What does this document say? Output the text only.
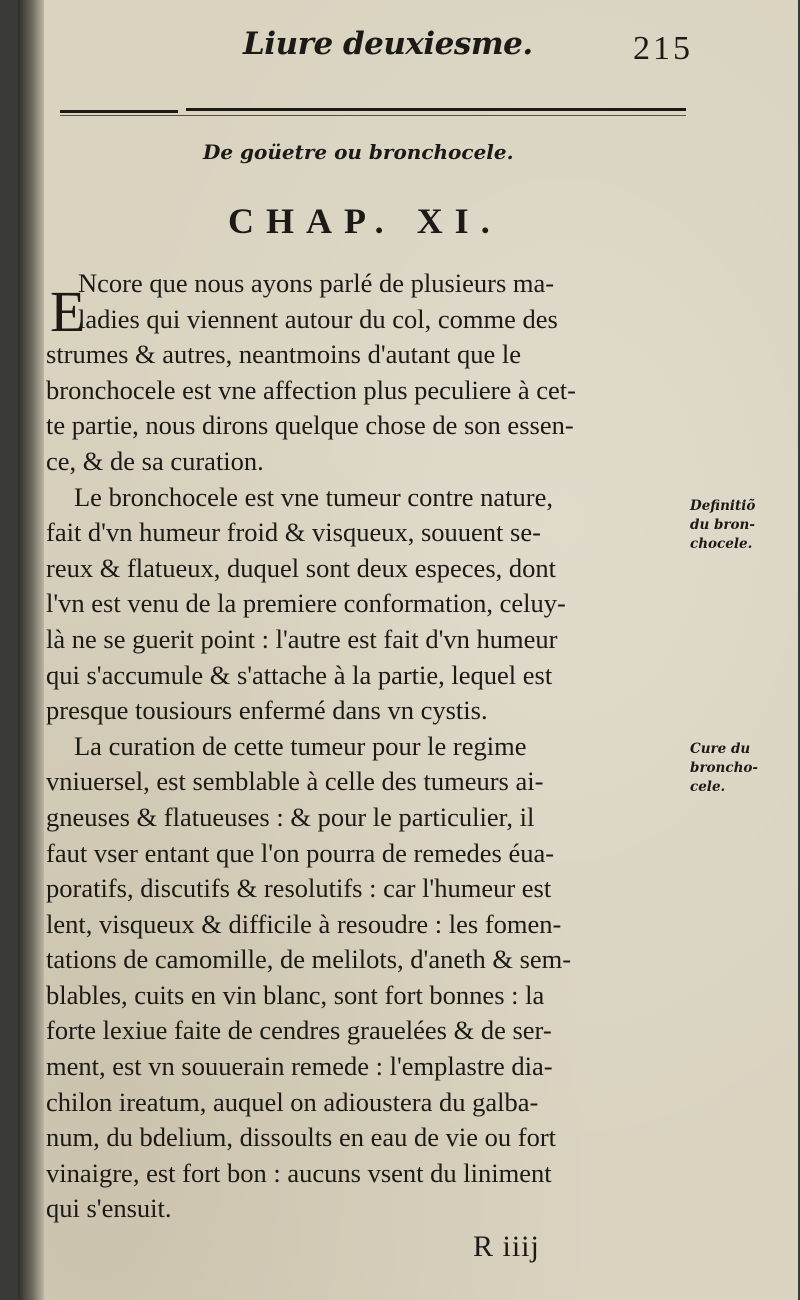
Liure deuxiesme.	215
De goüetre ou bronchocele.
CHAP. XI.
E
Ncore que nous ayons parlé de plusieurs ma-
ladies qui viennent autour du col, comme des
strumes & autres, neantmoins d'autant que le
bronchocele est vne affection plus peculiere à cet-
te partie, nous dirons quelque chose de son essen-
ce, & de sa curation.
Le bronchocele est vne tumeur contre nature,
fait d'vn humeur froid & visqueux, souuent se-
reux & flatueux, duquel sont deux especes, dont
l'vn est venu de la premiere conformation, celuy-
là ne se guerit point : l'autre est fait d'vn humeur
qui s'accumule & s'attache à la partie, lequel est
presque tousiours enfermé dans vn cystis.
La curation de cette tumeur pour le regime
vniuersel, est semblable à celle des tumeurs ai-
gneuses & flatueuses : & pour le particulier, il
faut vser entant que l'on pourra de remedes éua-
poratifs, discutifs & resolutifs : car l'humeur est
lent, visqueux & difficile à resoudre : les fomen-
tations de camomille, de melilots, d'aneth & sem-
blables, cuits en vin blanc, sont fort bonnes : la
forte lexiue faite de cendres grauelées & de ser-
ment, est vn souuerain remede : l'emplastre dia-
chilon ireatum, auquel on adioustera du galba-
num, du bdelium, dissoults en eau de vie ou fort
vinaigre, est fort bon : aucuns vsent du liniment
qui s'ensuit.
Definitiõ
du bron-
chocele.
Cure du
broncho-
cele.
R iiij
